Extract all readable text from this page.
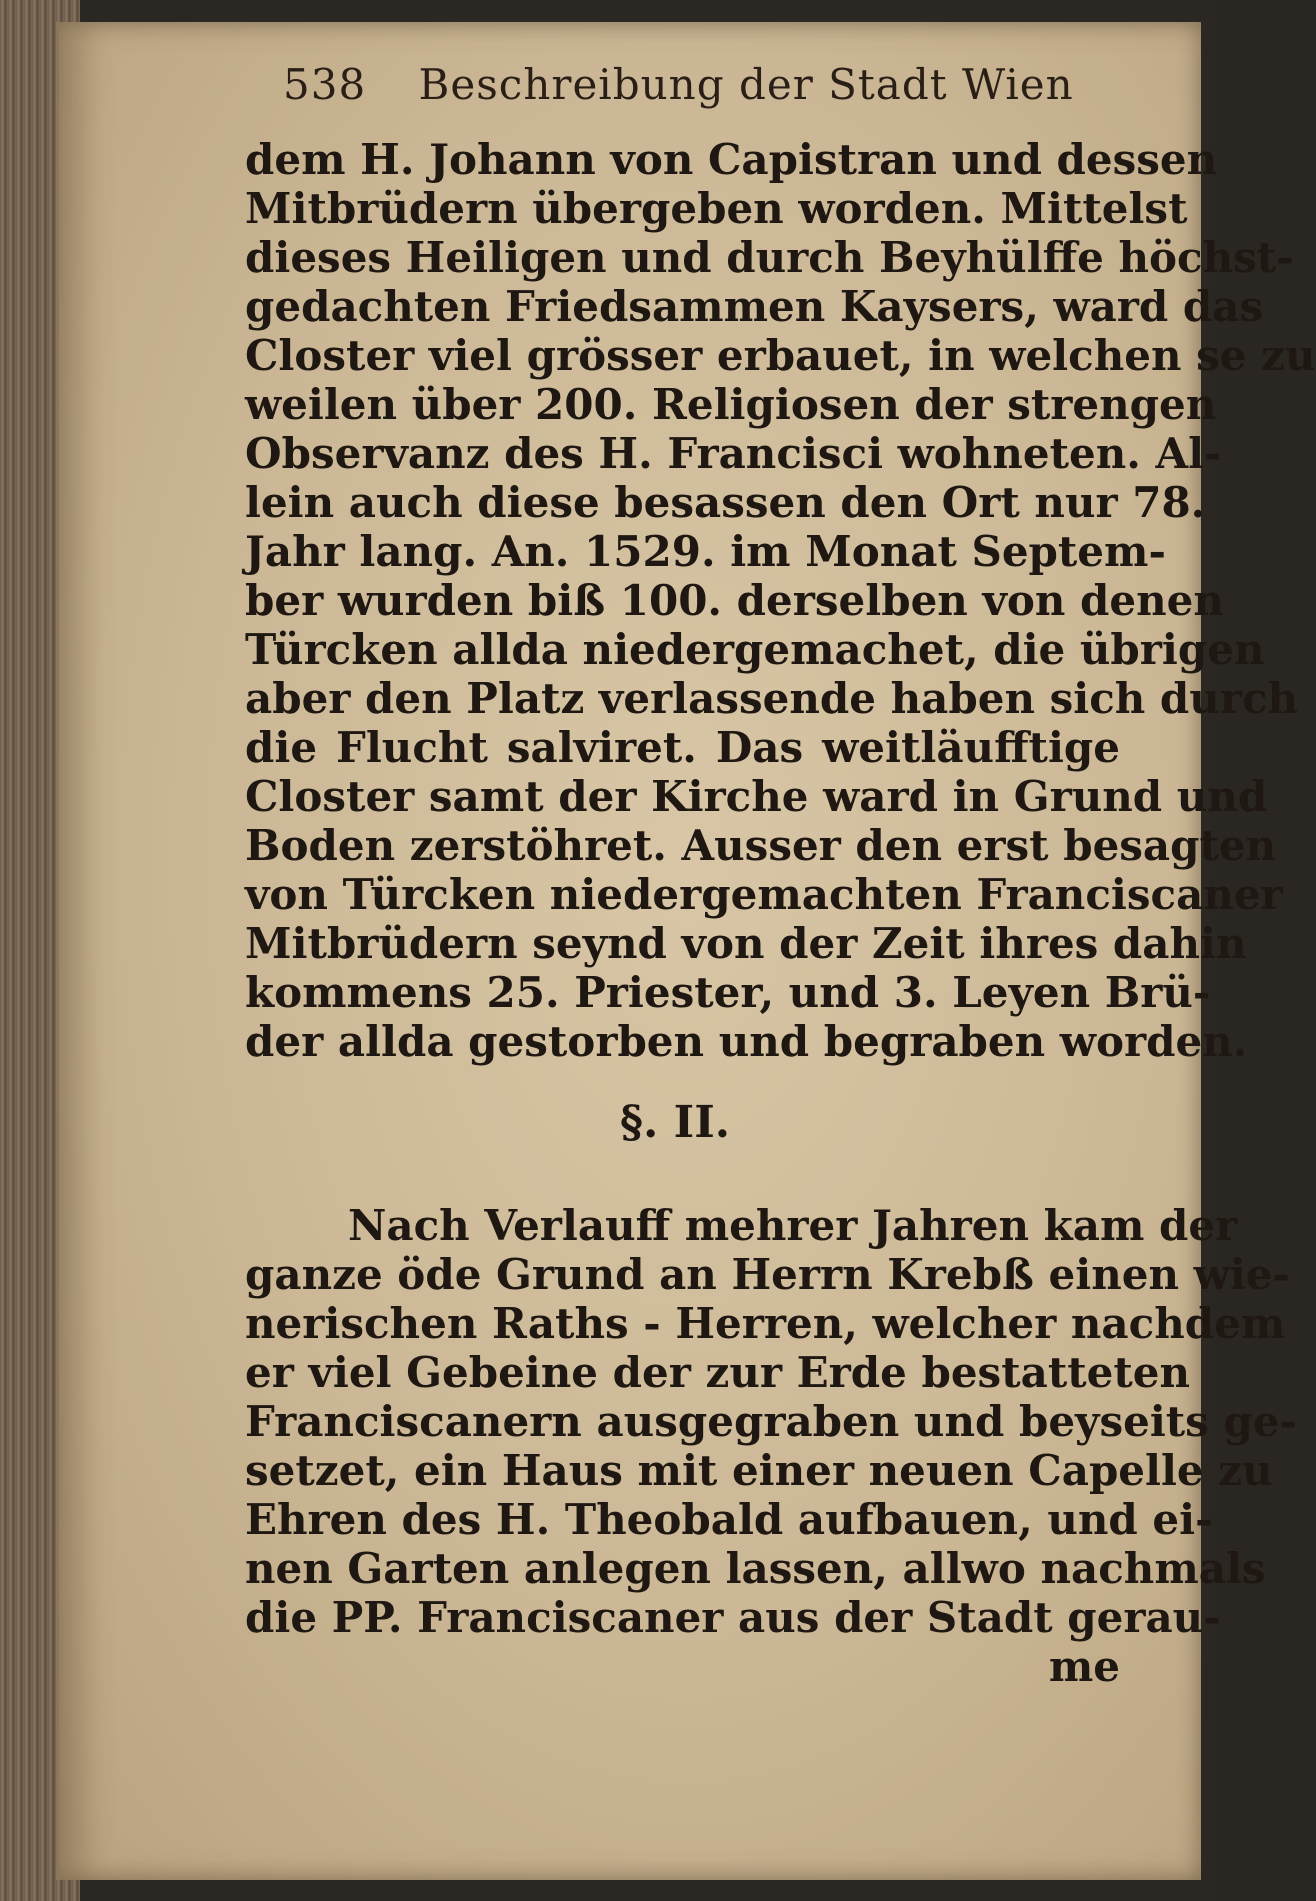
538 Beschreibung der Stadt Wien
dem H. Johann von Capistran und dessen
Mitbrüdern übergeben worden. Mittelst
dieses Heiligen und durch Beyhülffe höchst-
gedachten Friedsammen Kaysers, ward das
Closter viel grösser erbauet, in welchen se zu
weilen über 200. Religiosen der strengen
Observanz des H. Francisci wohneten. Al-
lein auch diese besassen den Ort nur 78.
Jahr lang. An. 1529. im Monat Septem-
ber wurden biß 100. derselben von denen
Türcken allda niedergemachet, die übrigen
aber den Platz verlassende haben sich durch
die Flucht salviret. Das weitläufftige
Closter samt der Kirche ward in Grund und
Boden zerstöhret. Ausser den erst besagten
von Türcken niedergemachten Franciscaner
Mitbrüdern seynd von der Zeit ihres dahin
kommens 25. Priester, und 3. Leyen Brü-
der allda gestorben und begraben worden.
§. II.
Nach Verlauff mehrer Jahren kam der
ganze öde Grund an Herrn Krebß einen wie-
nerischen Raths - Herren, welcher nachdem
er viel Gebeine der zur Erde bestatteten
Franciscanern ausgegraben und beyseits ge-
setzet, ein Haus mit einer neuen Capelle zu
Ehren des H. Theobald aufbauen, und ei-
nen Garten anlegen lassen, allwo nachmals
die PP. Franciscaner aus der Stadt gerau-
me
